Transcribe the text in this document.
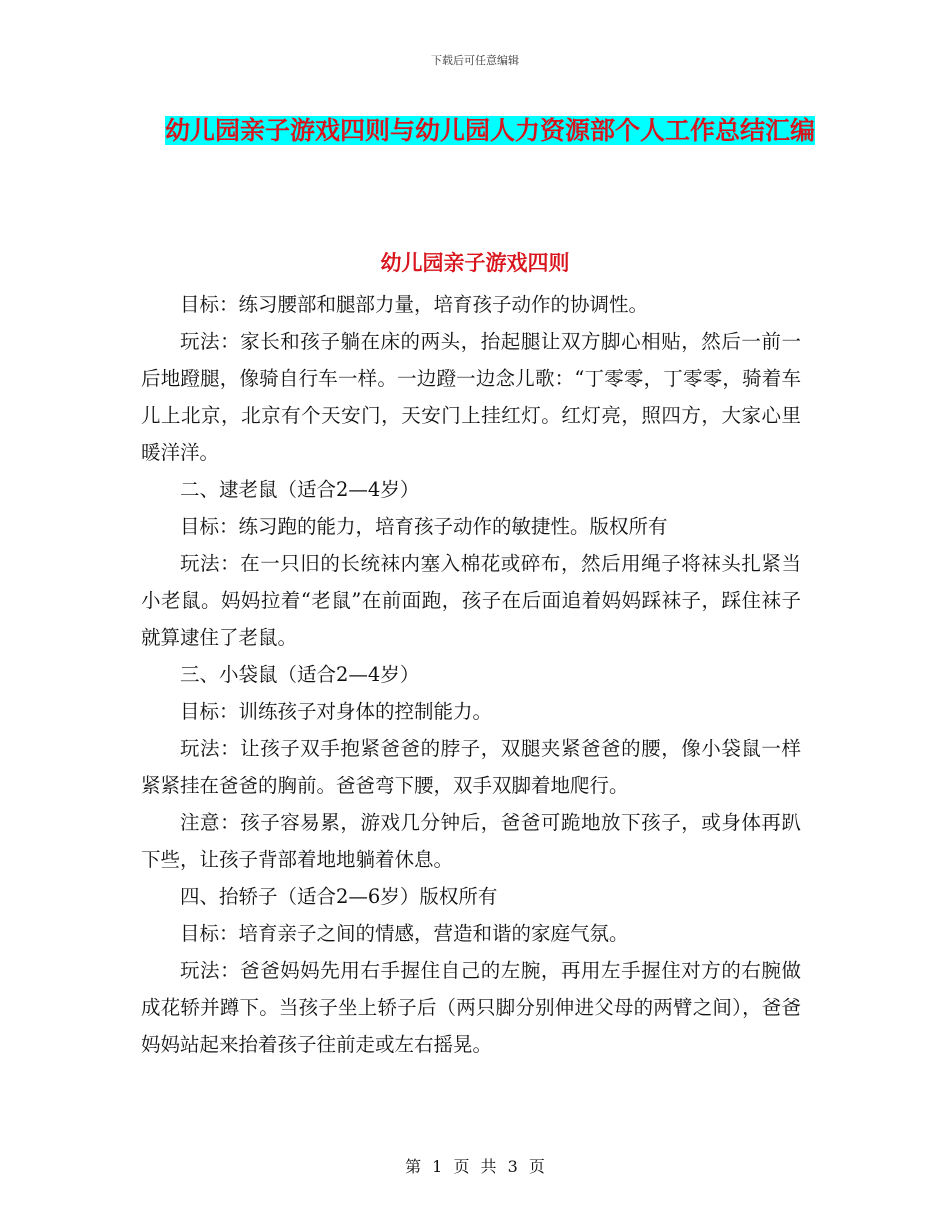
下载后可任意编辑
幼儿园亲子游戏四则与幼儿园人力资源部个人工作总结汇编
幼儿园亲子游戏四则

目标：练习腰部和腿部力量，培育孩子动作的协调性。

玩法：家长和孩子躺在床的两头，抬起腿让双方脚心相贴，然后一前一后地蹬腿，像骑自行车一样。一边蹬一边念儿歌：“丁零零，丁零零，骑着车儿上北京，北京有个天安门，天安门上挂红灯。红灯亮，照四方，大家心里暖洋洋。

二、逮老鼠（适合2—4岁）

目标：练习跑的能力，培育孩子动作的敏捷性。版权所有

玩法：在一只旧的长统袜内塞入棉花或碎布，然后用绳子将袜头扎紧当小老鼠。妈妈拉着“老鼠”在前面跑，孩子在后面追着妈妈踩袜子，踩住袜子就算逮住了老鼠。

三、小袋鼠（适合2—4岁）

目标：训练孩子对身体的控制能力。

玩法：让孩子双手抱紧爸爸的脖子，双腿夹紧爸爸的腰，像小袋鼠一样紧紧挂在爸爸的胸前。爸爸弯下腰，双手双脚着地爬行。

注意：孩子容易累，游戏几分钟后，爸爸可跪地放下孩子，或身体再趴下些，让孩子背部着地地躺着休息。

四、抬轿子（适合2—6岁）版权所有

目标：培育亲子之间的情感，营造和谐的家庭气氛。

玩法：爸爸妈妈先用右手握住自己的左腕，再用左手握住对方的右腕做成花轿并蹲下。当孩子坐上轿子后（两只脚分别伸进父母的两臂之间），爸爸妈妈站起来抬着孩子往前走或左右摇晃。

第 1 页 共 3 页
